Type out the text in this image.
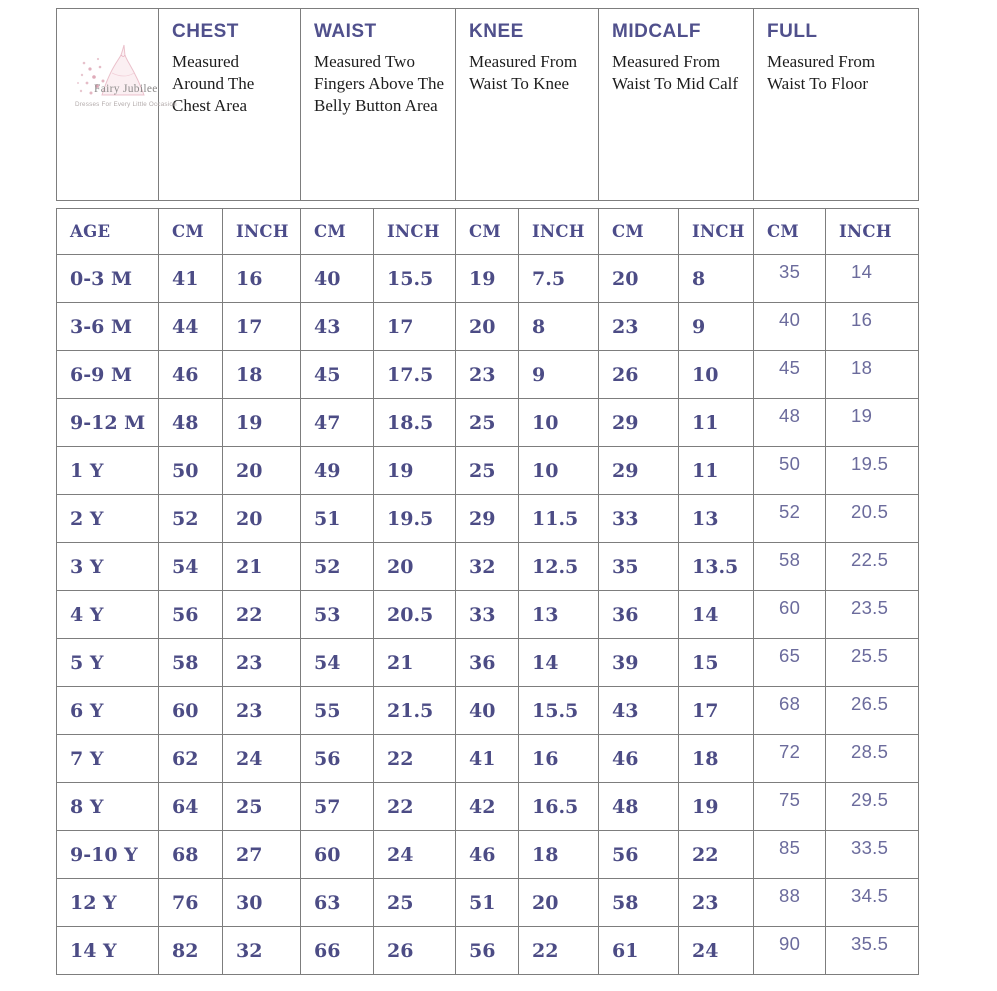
Fairy Jubilee
Dresses For Every Little Occasion

CHEST
Measured Around The Chest Area

WAIST
Measured Two Fingers Above The Belly Button Area

KNEE
Measured From Waist To Knee

MIDCALF
Measured From Waist To Mid Calf

FULL
Measured From Waist To Floor
AGE	CM	INCH	CM	INCH	CM	INCH	CM	INCH	CM	INCH
0-3 M	41	16	40	15.5	19	7.5	20	8	35	14
3-6 M	44	17	43	17	20	8	23	9	40	16
6-9 M	46	18	45	17.5	23	9	26	10	45	18
9-12 M	48	19	47	18.5	25	10	29	11	48	19
1 Y	50	20	49	19	25	10	29	11	50	19.5
2 Y	52	20	51	19.5	29	11.5	33	13	52	20.5
3 Y	54	21	52	20	32	12.5	35	13.5	58	22.5
4 Y	56	22	53	20.5	33	13	36	14	60	23.5
5 Y	58	23	54	21	36	14	39	15	65	25.5
6 Y	60	23	55	21.5	40	15.5	43	17	68	26.5
7 Y	62	24	56	22	41	16	46	18	72	28.5
8 Y	64	25	57	22	42	16.5	48	19	75	29.5
9-10 Y	68	27	60	24	46	18	56	22	85	33.5
12 Y	76	30	63	25	51	20	58	23	88	34.5
14 Y	82	32	66	26	56	22	61	24	90	35.5
